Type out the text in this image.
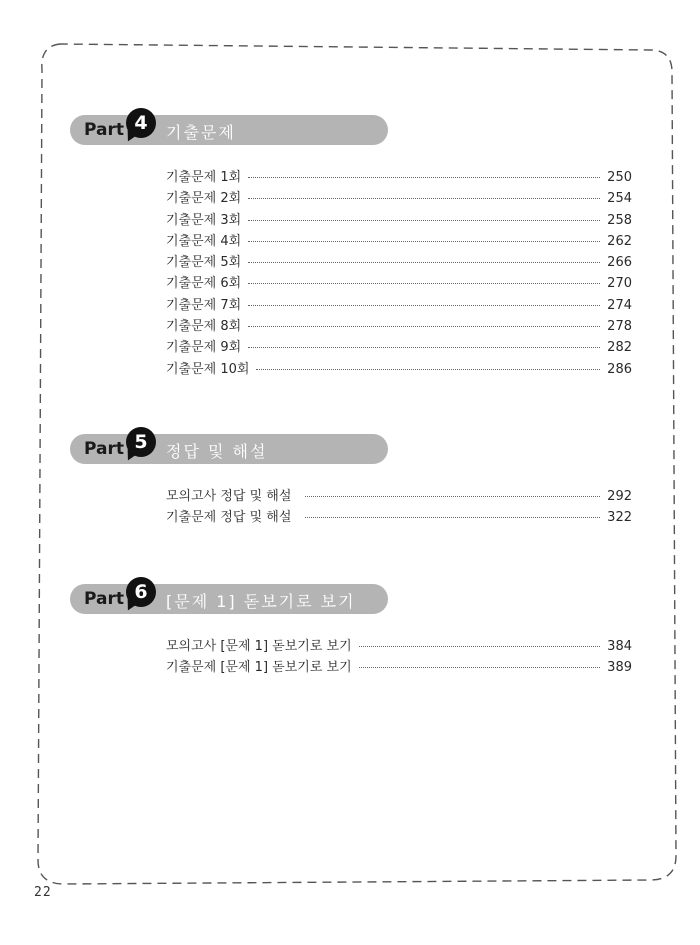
Part 4	기출문제
기출문제 1회	250
기출문제 2회	254
기출문제 3회	258
기출문제 4회	262
기출문제 5회	266
기출문제 6회	270
기출문제 7회	274
기출문제 8회	278
기출문제 9회	282
기출문제 10회	286
Part 5	정답 및 해설
모의고사 정답 및 해설	292
기출문제 정답 및 해설	322
Part 6	[문제 1] 돋보기로 보기
모의고사 [문제 1] 돋보기로 보기	384
기출문제 [문제 1] 돋보기로 보기	389
22
